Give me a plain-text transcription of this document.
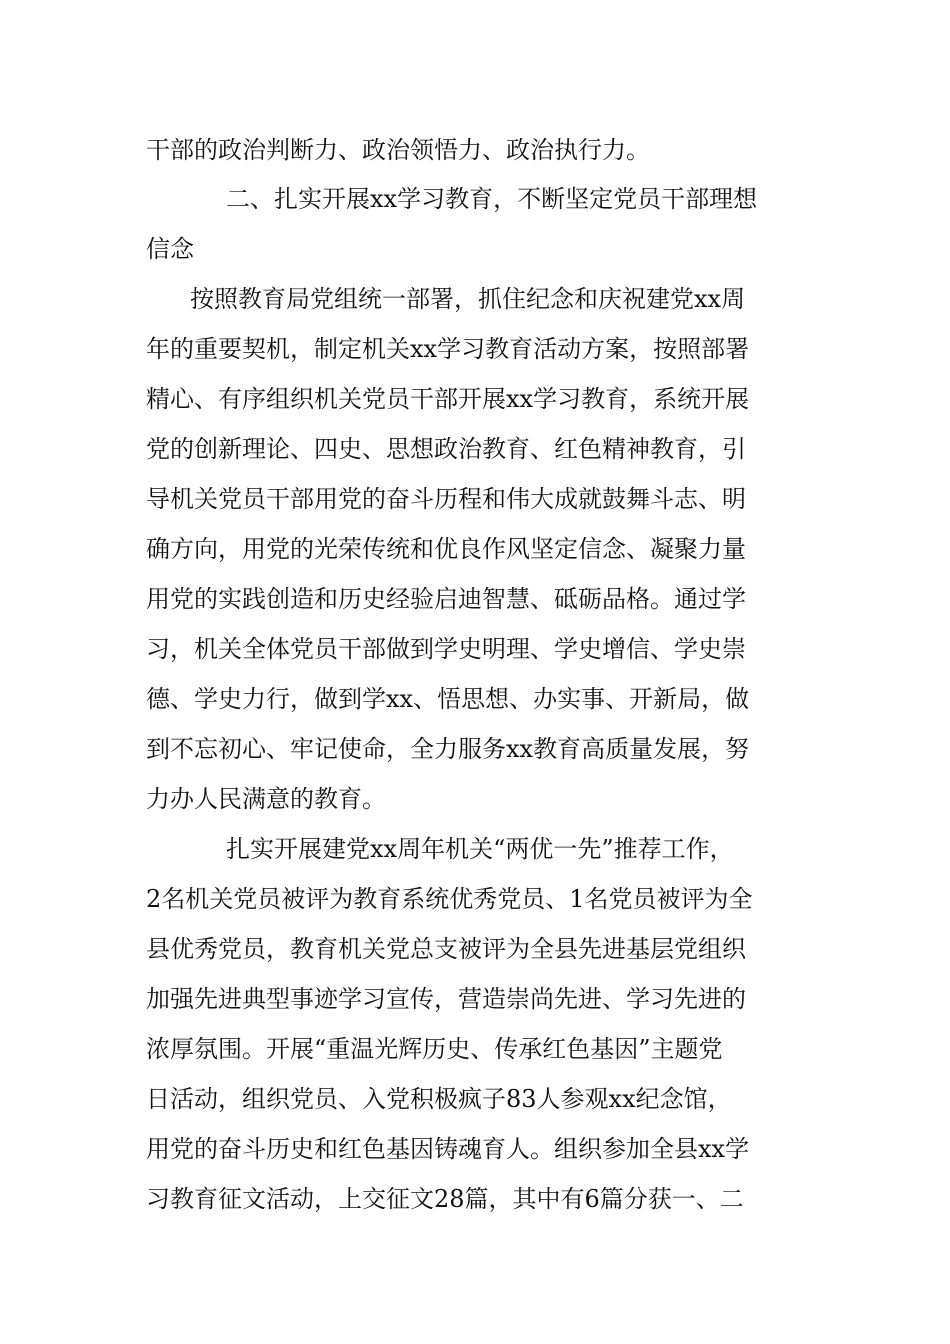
干部的政治判断力、政治领悟力、政治执行力。
二、扎实开展xx学习教育，不断坚定党员干部理想
信念
按照教育局党组统一部署，抓住纪念和庆祝建党xx周
年的重要契机，制定机关xx学习教育活动方案，按照部署
精心、有序组织机关党员干部开展xx学习教育，系统开展
党的创新理论、四史、思想政治教育、红色精神教育，引
导机关党员干部用党的奋斗历程和伟大成就鼓舞斗志、明
确方向，用党的光荣传统和优良作风坚定信念、凝聚力量
用党的实践创造和历史经验启迪智慧、砥砺品格。通过学
习，机关全体党员干部做到学史明理、学史增信、学史崇
德、学史力行，做到学xx、悟思想、办实事、开新局，做
到不忘初心、牢记使命，全力服务xx教育高质量发展，努
力办人民满意的教育。
扎实开展建党xx周年机关“两优一先”推荐工作，
2名机关党员被评为教育系统优秀党员、1名党员被评为全
县优秀党员，教育机关党总支被评为全县先进基层党组织
加强先进典型事迹学习宣传，营造崇尚先进、学习先进的
浓厚氛围。开展“重温光辉历史、传承红色基因”主题党
日活动，组织党员、入党积极疯子83人参观xx纪念馆，
用党的奋斗历史和红色基因铸魂育人。组织参加全县xx学
习教育征文活动，上交征文28篇，其中有6篇分获一、二
